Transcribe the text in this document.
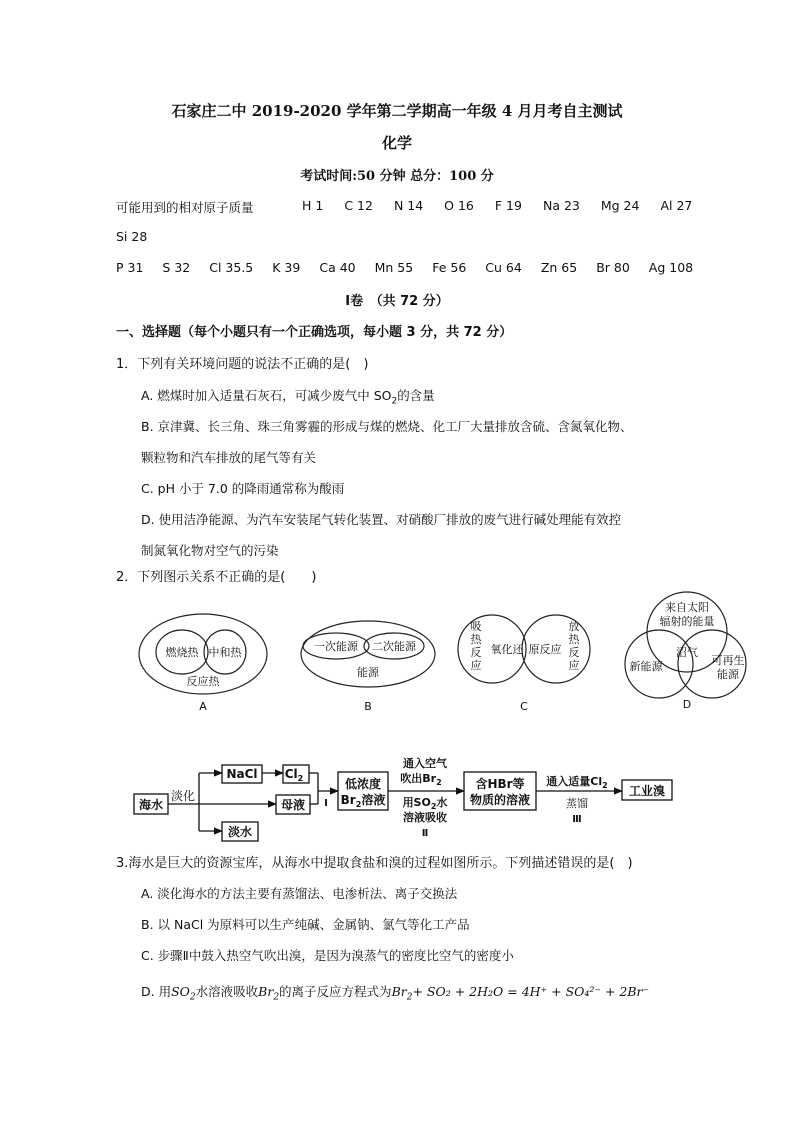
石家庄二中 2019-2020 学年第二学期高一年级 4 月月考自主测试
化学
考试时间:50 分钟 总分：100 分
可能用到的相对原子质量	H 1 C 12 N 14 O 16 F 19 Na 23 Mg 24 Al 27
Si 28
P 31 S 32 Cl 35.5 K 39 Ca 40 Mn 55 Fe 56 Cu 64 Zn 65 Br 80 Ag 108
Ⅰ卷　（共 72 分）
一、选择题（每个小题只有一个正确选项，每小题 3 分，共 72 分）
1．下列有关环境问题的说法不正确的是(　)
A. 燃煤时加入适量石灰石，可减少废气中 $SO_2$的含量
B. 京津冀、长三角、珠三角雾霾的形成与煤的燃烧、化工厂大量排放含硫、含氮氧化物、
颗粒物和汽车排放的尾气等有关
C. pH 小于 7.0 的降雨通常称为酸雨
D. 使用洁净能源、为汽车安装尾气转化装置、对硝酸厂排放的废气进行碱处理能有效控
制氮氧化物对空气的污染
2．下列图示关系不正确的是(　　)
燃烧热 中和热
反应热
A
一次能源 二次能源
能源
B
吸
热
反
应
氧化还 原反应
放
热
反
应
C
来自太阳
辐射的能量
沼气
新能源	可再生
能源
D
海水
淡化
NaCl $Cl_2$
母液
淡水
Ⅰ
低浓度
$Br_2$溶液
通入空气
吹出$Br_2$
用$SO_2$水
溶液吸收
Ⅱ
含HBr等
物质的溶液
通入适量$Cl_2$
蒸馏
Ⅲ
工业溴
3.海水是巨大的资源宝库，从海水中提取食盐和溴的过程如图所示。下列描述错误的是(　)
A. 淡化海水的方法主要有蒸馏法、电渗析法、离子交换法
B. 以 NaCl 为原料可以生产纯碱、金属钠、氯气等化工产品
C. 步骤Ⅱ中鼓入热空气吹出溴，是因为溴蒸气的密度比空气的密度小
D. 用$SO_2$水溶液吸收$Br_2$的离子反应方程式为$Br_2+ SO_2 + 2H_2O = 4H^+ + SO_4^{2-} + 2Br^-$
